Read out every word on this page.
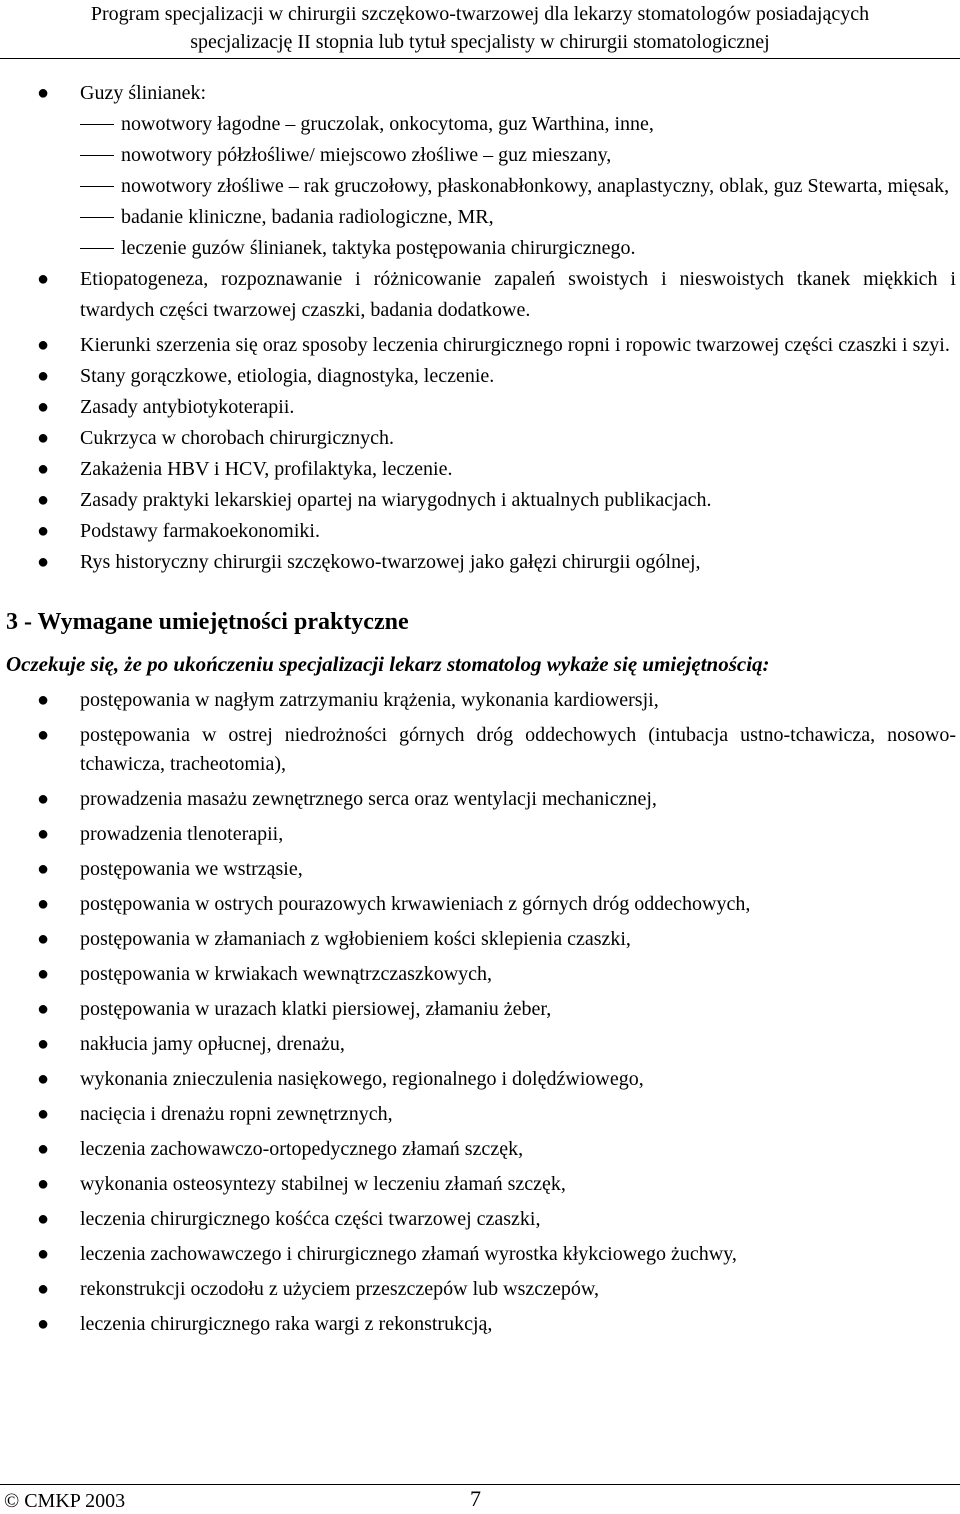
Program specjalizacji w chirurgii szczękowo-twarzowej dla lekarzy stomatologów posiadających
specjalizację II stopnia lub tytuł specjalisty w chirurgii stomatologicznej
● Guzy ślinianek:
nowotwory łagodne – gruczolak, onkocytoma, guz Warthina, inne,
nowotwory półzłośliwe/ miejscowo złośliwe – guz mieszany,
nowotwory złośliwe – rak gruczołowy, płaskonabłonkowy, anaplastyczny, oblak, guz Stewarta, mięsak,
badanie kliniczne, badania radiologiczne, MR,
leczenie guzów ślinianek, taktyka postępowania chirurgicznego.
● Etiopatogeneza, rozpoznawanie i różnicowanie zapaleń swoistych i nieswoistych tkanek miękkich i twardych części twarzowej czaszki, badania dodatkowe.
● Kierunki szerzenia się oraz sposoby leczenia chirurgicznego ropni i ropowic twarzowej części czaszki i szyi.
● Stany gorączkowe, etiologia, diagnostyka, leczenie.
● Zasady antybiotykoterapii.
● Cukrzyca w chorobach chirurgicznych.
● Zakażenia HBV i HCV, profilaktyka, leczenie.
● Zasady praktyki lekarskiej opartej na wiarygodnych i aktualnych publikacjach.
● Podstawy farmakoekonomiki.
● Rys historyczny chirurgii szczękowo-twarzowej jako gałęzi chirurgii ogólnej,
3 - Wymagane umiejętności praktyczne
Oczekuje się, że po ukończeniu specjalizacji lekarz stomatolog wykaże się umiejętnością:
● postępowania w nagłym zatrzymaniu krążenia, wykonania kardiowersji,
● postępowania w ostrej niedrożności górnych dróg oddechowych (intubacja ustno-tchawicza, nosowo-tchawicza, tracheotomia),
● prowadzenia masażu zewnętrznego serca oraz wentylacji mechanicznej,
● prowadzenia tlenoterapii,
● postępowania we wstrząsie,
● postępowania w ostrych pourazowych krwawieniach z górnych dróg oddechowych,
● postępowania w złamaniach z wgłobieniem kości sklepienia czaszki,
● postępowania w krwiakach wewnątrzczaszkowych,
● postępowania w urazach klatki piersiowej, złamaniu żeber,
● nakłucia jamy opłucnej, drenażu,
● wykonania znieczulenia nasiękowego, regionalnego i dolędźwiowego,
● nacięcia i drenażu ropni zewnętrznych,
● leczenia zachowawczo-ortopedycznego złamań szczęk,
● wykonania osteosyntezy stabilnej w leczeniu złamań szczęk,
● leczenia chirurgicznego kośćca części twarzowej czaszki,
● leczenia zachowawczego i chirurgicznego złamań wyrostka kłykciowego żuchwy,
● rekonstrukcji oczodołu z użyciem przeszczepów lub wszczepów,
● leczenia chirurgicznego raka wargi z rekonstrukcją,
© CMKP 2003	7
